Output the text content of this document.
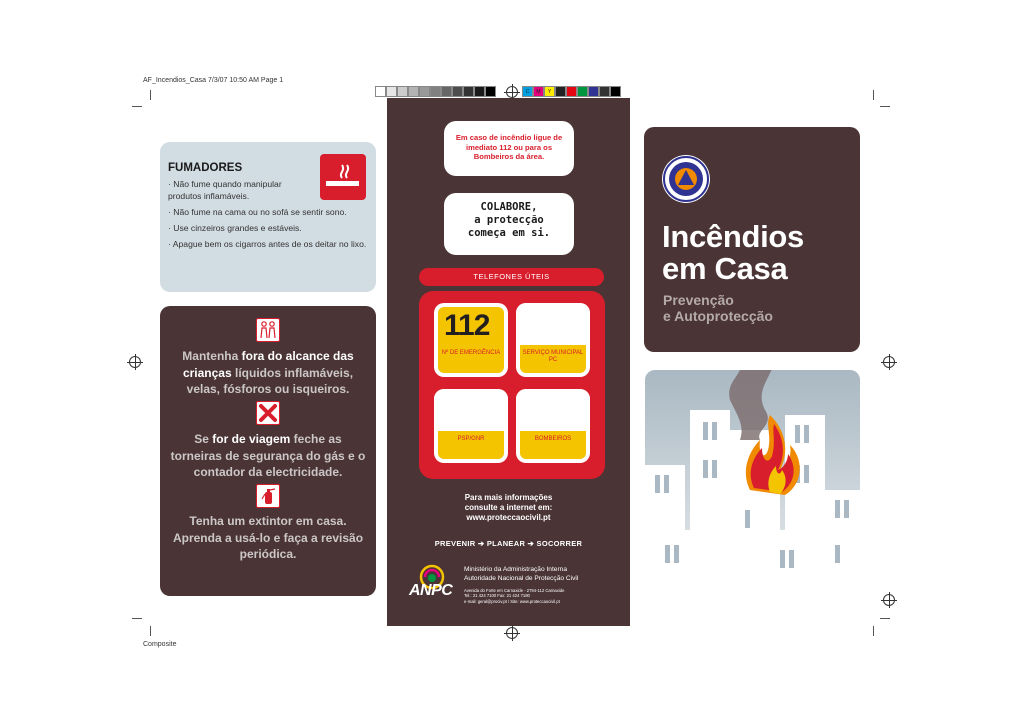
AF_Incendios_Casa 7/3/07 10:50 AM Page 1
Composite
C	M	Y
FUMADORES
· Não fume quando manipular produtos inflamáveis.
· Não fume na cama ou no sofá se sentir sono.
· Use cinzeiros grandes e estáveis.
· Apague bem os cigarros antes de os deitar no lixo.
Mantenha fora do alcance das crianças líquidos inflamáveis, velas, fósforos ou isqueiros.
Se for de viagem feche as torneiras de segurança do gás e o contador da electricidade.
Tenha um extintor em casa. Aprenda a usá-lo e faça a revisão periódica.
Em caso de incêndio ligue de imediato 112 ou para os Bombeiros da área.
COLABORE,
a protecção
começa em si.
TELEFONES ÚTEIS
112
Nº DE EMERGÊNCIA	SERVIÇO MUNICIPAL PC
PSP/GNR	BOMBEIROS
Para mais informações
consulte a internet em:
www.proteccaocivil.pt
PREVENIR ➔ PLANEAR ➔ SOCORRER
ANPC
Ministério da Administração Interna
Autoridade Nacional de Protecção Civil
Avenida do Forte em Carnaxide - 2794-112 Carnaxide
Tel.: 21 424 7100 Fax: 21 424 7180
e-mail: geral@prociv.pt / Site: www.proteccaocivil.pt
Incêndios
em Casa
Prevenção
e Autoprotecção
